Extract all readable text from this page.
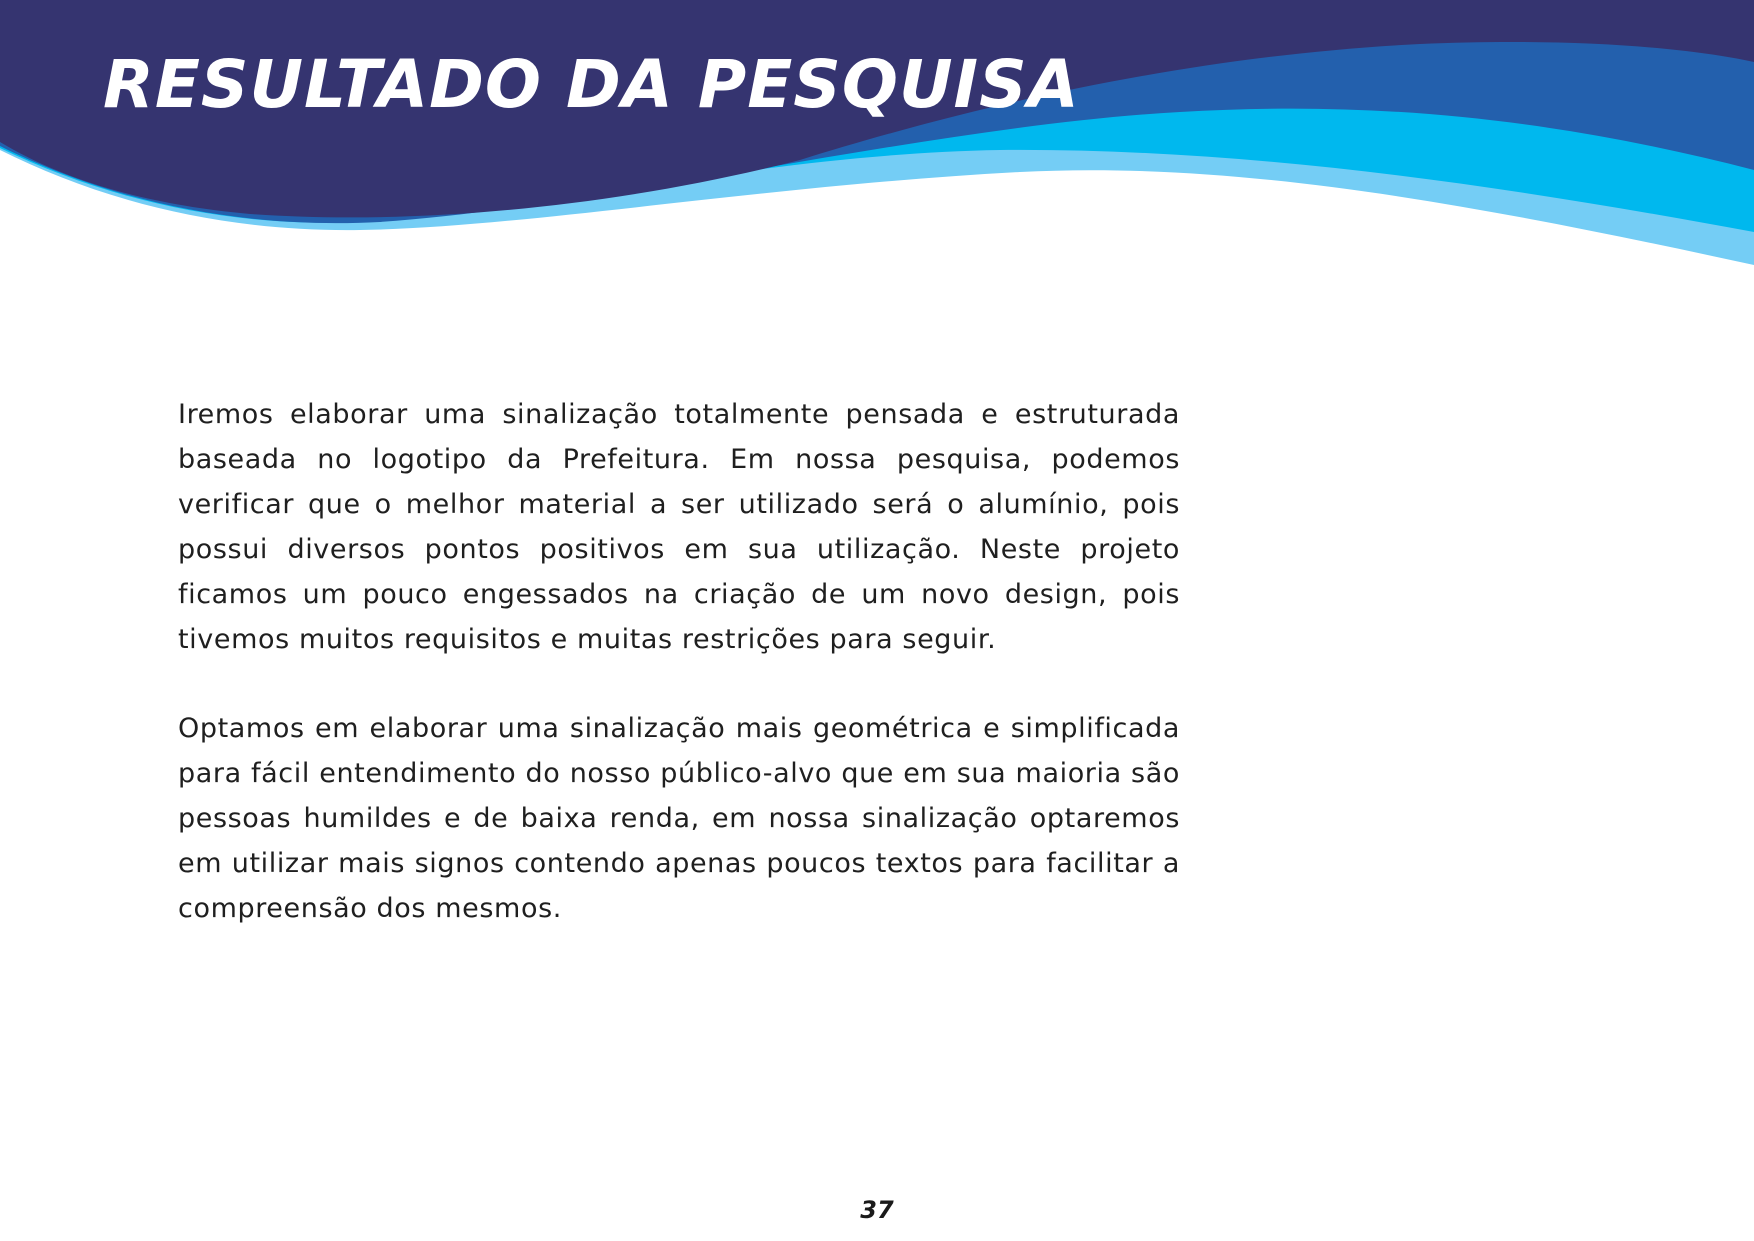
RESULTADO DA PESQUISA

Iremos elaborar uma sinalização totalmente pensada e estruturada baseada no logotipo da Prefeitura. Em nossa pesquisa, podemos verificar que o melhor material a ser utilizado será o alumínio, pois possui diversos pontos positivos em sua utilização. Neste projeto ficamos um pouco engessados na criação de um novo design, pois tivemos muitos requisitos e muitas restrições para seguir.

Optamos em elaborar uma sinalização mais geométrica e simplificada para fácil entendimento do nosso público-alvo que em sua maioria são pessoas humildes e de baixa renda, em nossa sinalização optaremos em utilizar mais signos contendo apenas poucos textos para facilitar a compreensão dos mesmos.

37
